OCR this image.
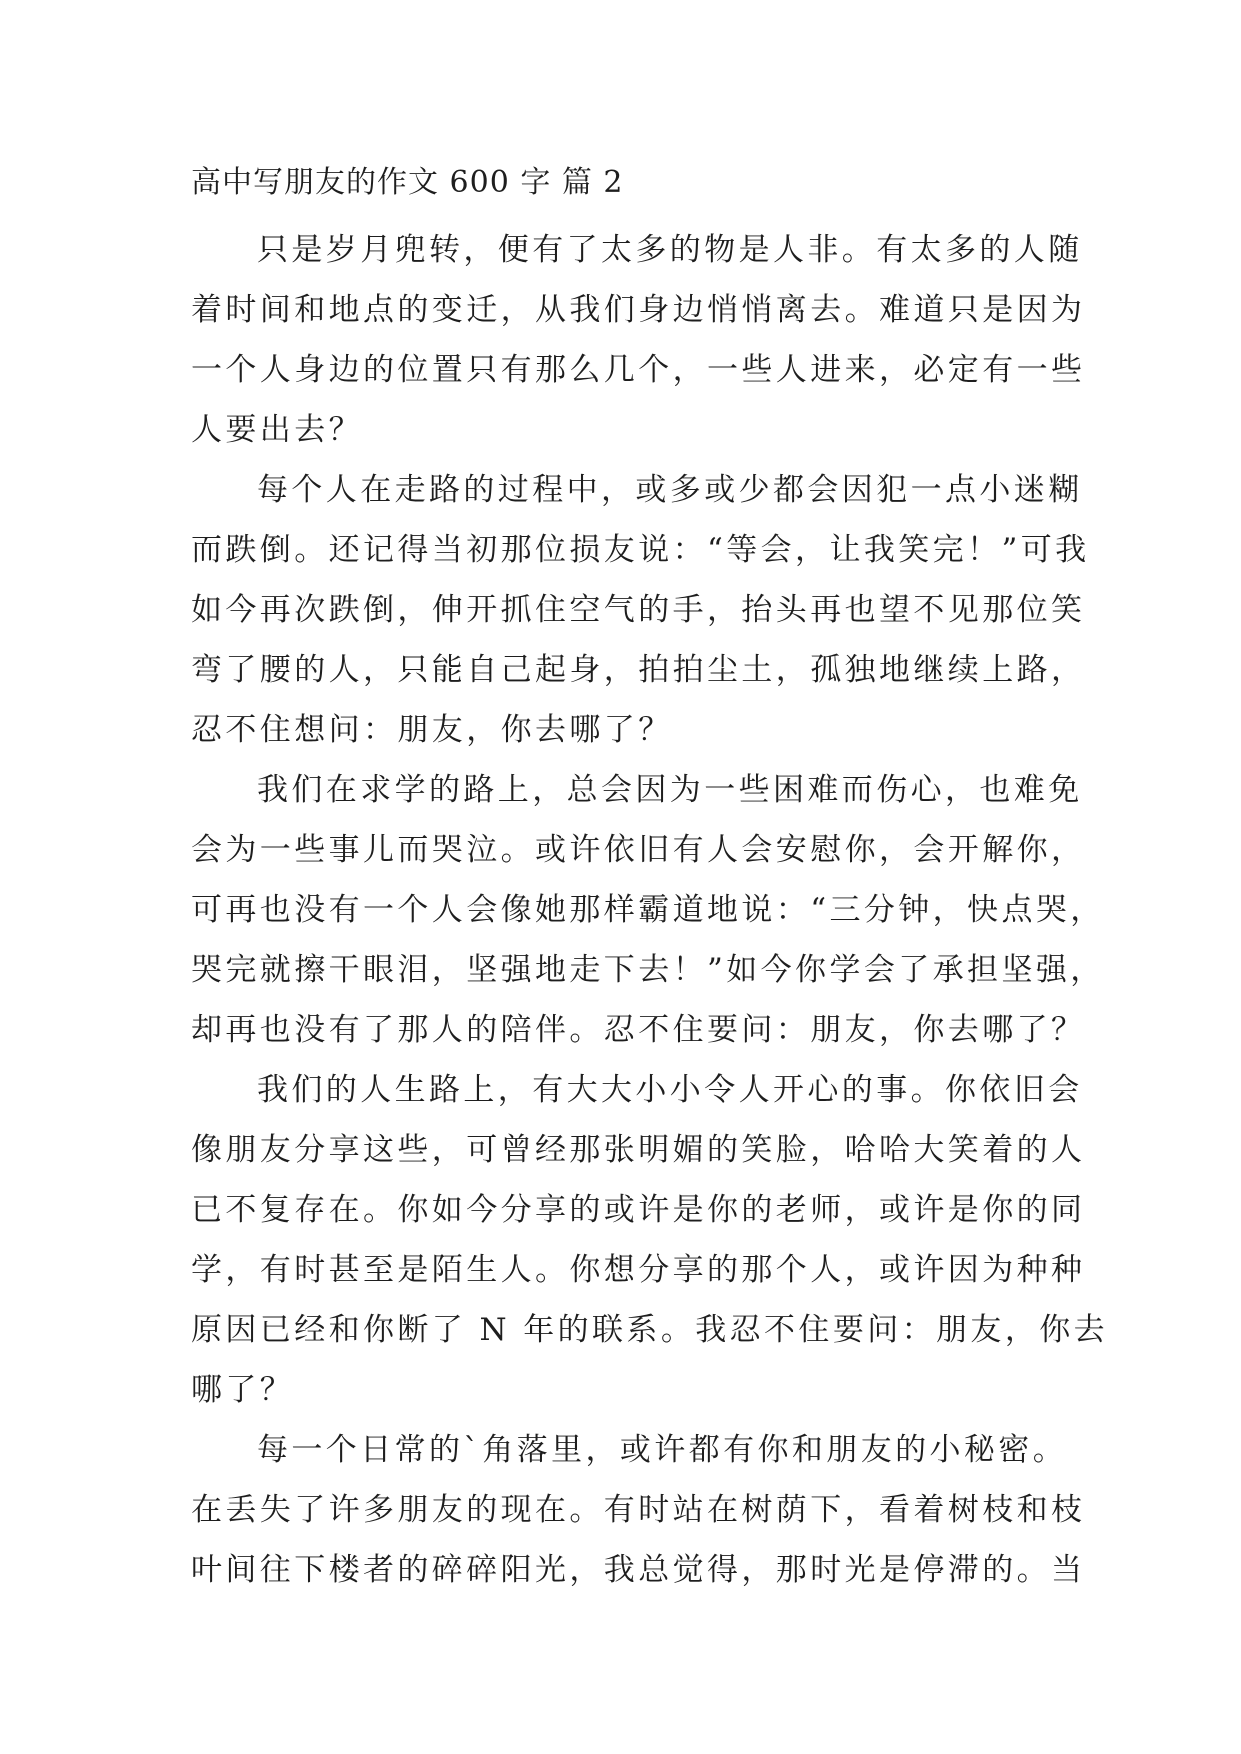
高中写朋友的作文 600 字 篇 2
只是岁月兜转，便有了太多的物是人非。有太多的人随
着时间和地点的变迁，从我们身边悄悄离去。难道只是因为
一个人身边的位置只有那么几个，一些人进来，必定有一些
人要出去？
每个人在走路的过程中，或多或少都会因犯一点小迷糊
而跌倒。还记得当初那位损友说：“等会，让我笑完！”可我
如今再次跌倒，伸开抓住空气的手，抬头再也望不见那位笑
弯了腰的人，只能自己起身，拍拍尘土，孤独地继续上路，
忍不住想问：朋友，你去哪了？
我们在求学的路上，总会因为一些困难而伤心，也难免
会为一些事儿而哭泣。或许依旧有人会安慰你，会开解你，
可再也没有一个人会像她那样霸道地说：“三分钟，快点哭，
哭完就擦干眼泪，坚强地走下去！”如今你学会了承担坚强，
却再也没有了那人的陪伴。忍不住要问：朋友，你去哪了？
我们的人生路上，有大大小小令人开心的事。你依旧会
像朋友分享这些，可曾经那张明媚的笑脸，哈哈大笑着的人
已不复存在。你如今分享的或许是你的老师，或许是你的同
学，有时甚至是陌生人。你想分享的那个人，或许因为种种
原因已经和你断了 N 年的联系。我忍不住要问：朋友，你去
哪了？
每一个日常的`角落里，或许都有你和朋友的小秘密。
在丢失了许多朋友的现在。有时站在树荫下，看着树枝和枝
叶间往下楼者的碎碎阳光，我总觉得，那时光是停滞的。当
